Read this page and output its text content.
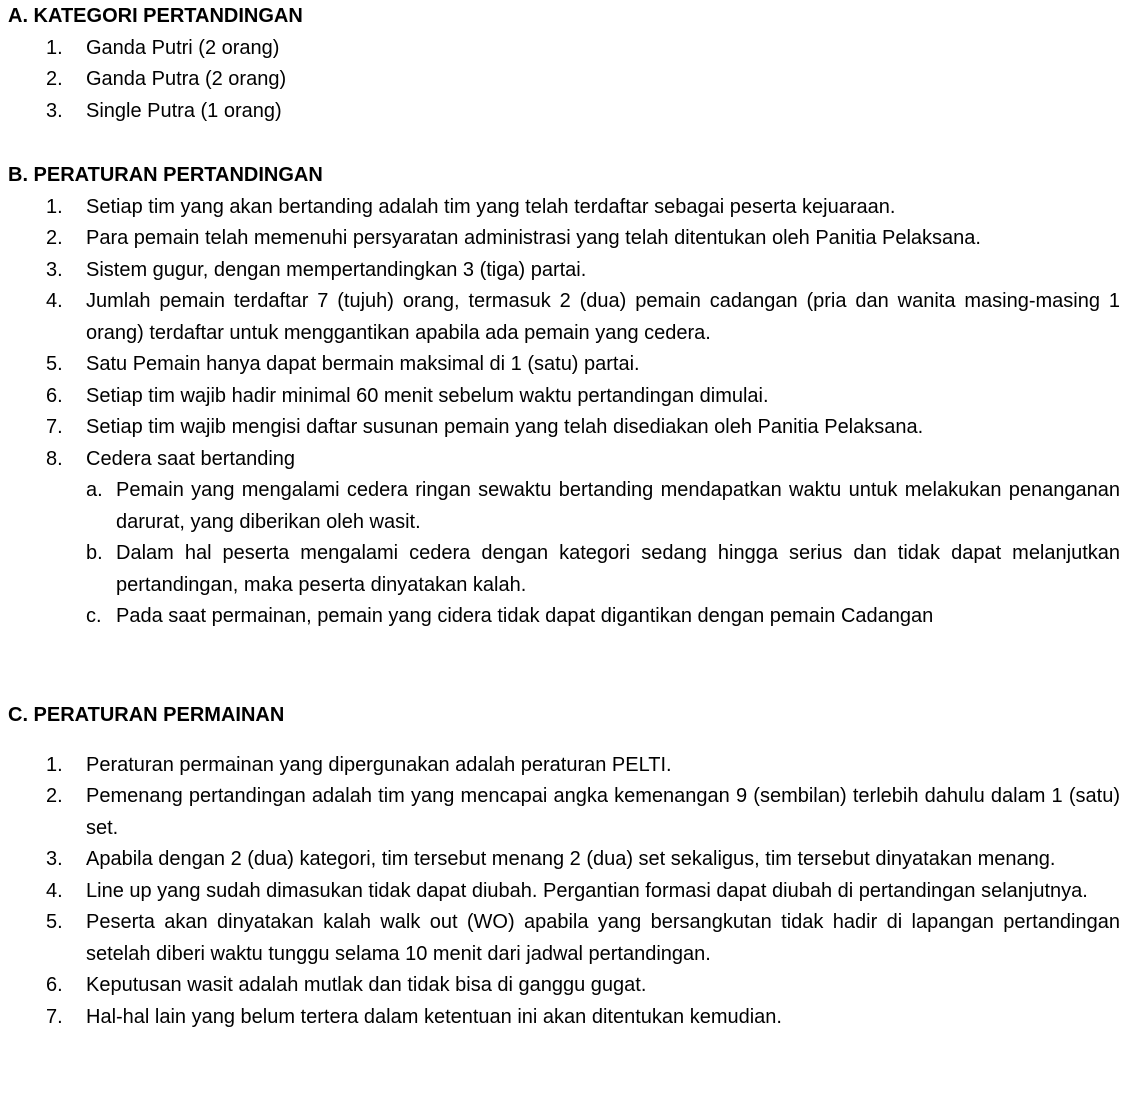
A. KATEGORI PERTANDINGAN
1. Ganda Putri (2 orang)
2. Ganda Putra (2 orang)
3. Single Putra (1 orang)
B. PERATURAN PERTANDINGAN
1. Setiap tim yang akan bertanding adalah tim yang telah terdaftar sebagai peserta kejuaraan.
2. Para pemain telah memenuhi persyaratan administrasi yang telah ditentukan oleh Panitia Pelaksana.
3. Sistem gugur, dengan mempertandingkan 3 (tiga) partai.
4. Jumlah pemain terdaftar 7 (tujuh) orang, termasuk 2 (dua) pemain cadangan (pria dan wanita masing-masing 1 orang) terdaftar untuk menggantikan apabila ada pemain yang cedera.
5. Satu Pemain hanya dapat bermain maksimal di 1 (satu) partai.
6. Setiap tim wajib hadir minimal 60 menit sebelum waktu pertandingan dimulai.
7. Setiap tim wajib mengisi daftar susunan pemain yang telah disediakan oleh Panitia Pelaksana.
8. Cedera saat bertanding
a. Pemain yang mengalami cedera ringan sewaktu bertanding mendapatkan waktu untuk melakukan penanganan darurat, yang diberikan oleh wasit.
b. Dalam hal peserta mengalami cedera dengan kategori sedang hingga serius dan tidak dapat melanjutkan pertandingan, maka peserta dinyatakan kalah.
c. Pada saat permainan, pemain yang cidera tidak dapat digantikan dengan pemain Cadangan
C. PERATURAN PERMAINAN
1. Peraturan permainan yang dipergunakan adalah peraturan PELTI.
2. Pemenang pertandingan adalah tim yang mencapai angka kemenangan 9 (sembilan) terlebih dahulu dalam 1 (satu) set.
3. Apabila dengan 2 (dua) kategori, tim tersebut menang 2 (dua) set sekaligus, tim tersebut dinyatakan menang.
4. Line up yang sudah dimasukan tidak dapat diubah. Pergantian formasi dapat diubah di pertandingan selanjutnya.
5. Peserta akan dinyatakan kalah walk out (WO) apabila yang bersangkutan tidak hadir di lapangan pertandingan setelah diberi waktu tunggu selama 10 menit dari jadwal pertandingan.
6. Keputusan wasit adalah mutlak dan tidak bisa di ganggu gugat.
7. Hal-hal lain yang belum tertera dalam ketentuan ini akan ditentukan kemudian.
